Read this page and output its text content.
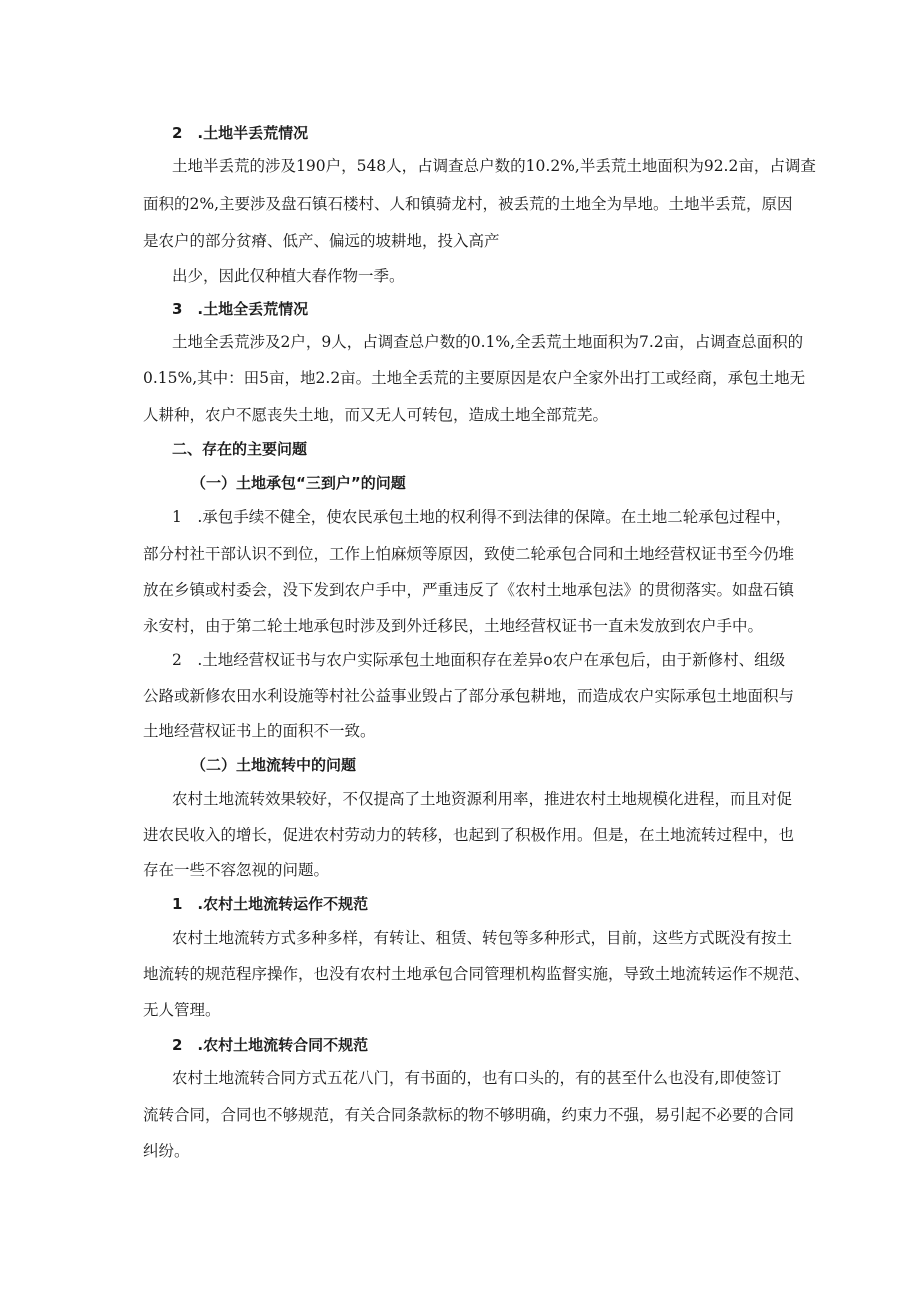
2　.土地半丢荒情况
土地半丢荒的涉及190户，548人，占调查总户数的10.2%,半丢荒土地面积为92.2亩，占调查
面积的2%,主要涉及盘石镇石楼村、人和镇骑龙村，被丢荒的土地全为旱地。土地半丢荒，原因
是农户的部分贫瘠、低产、偏远的坡耕地，投入高产
出少，因此仅种植大春作物一季。
3　.土地全丢荒情况
土地全丢荒涉及2户，9人，占调查总户数的0.1%,全丢荒土地面积为7.2亩，占调查总面积的
0.15%,其中：田5亩，地2.2亩。土地全丢荒的主要原因是农户全家外出打工或经商，承包土地无
人耕种，农户不愿丧失土地，而又无人可转包，造成土地全部荒芜。
二、存在的主要问题
（一）土地承包“三到户”的问题
1　.承包手续不健全，使农民承包土地的权利得不到法律的保障。在土地二轮承包过程中，
部分村社干部认识不到位，工作上怕麻烦等原因，致使二轮承包合同和土地经营权证书至今仍堆
放在乡镇或村委会，没下发到农户手中，严重违反了《农村土地承包法》的贯彻落实。如盘石镇
永安村，由于第二轮土地承包时涉及到外迁移民，土地经营权证书一直未发放到农户手中。
2　.土地经营权证书与农户实际承包土地面积存在差异o农户在承包后，由于新修村、组级
公路或新修农田水利设施等村社公益事业毁占了部分承包耕地，而造成农户实际承包土地面积与
土地经营权证书上的面积不一致。
（二）土地流转中的问题
农村土地流转效果较好，不仅提高了土地资源利用率，推进农村土地规模化进程，而且对促
进农民收入的增长，促进农村劳动力的转移，也起到了积极作用。但是，在土地流转过程中，也
存在一些不容忽视的问题。
1　.农村土地流转运作不规范
农村土地流转方式多种多样，有转让、租赁、转包等多种形式，目前，这些方式既没有按土
地流转的规范程序操作，也没有农村土地承包合同管理机构监督实施，导致土地流转运作不规范、
无人管理。
2　.农村土地流转合同不规范
农村土地流转合同方式五花八门，有书面的，也有口头的，有的甚至什么也没有,即使签订
流转合同，合同也不够规范，有关合同条款标的物不够明确，约束力不强，易引起不必要的合同
纠纷。
